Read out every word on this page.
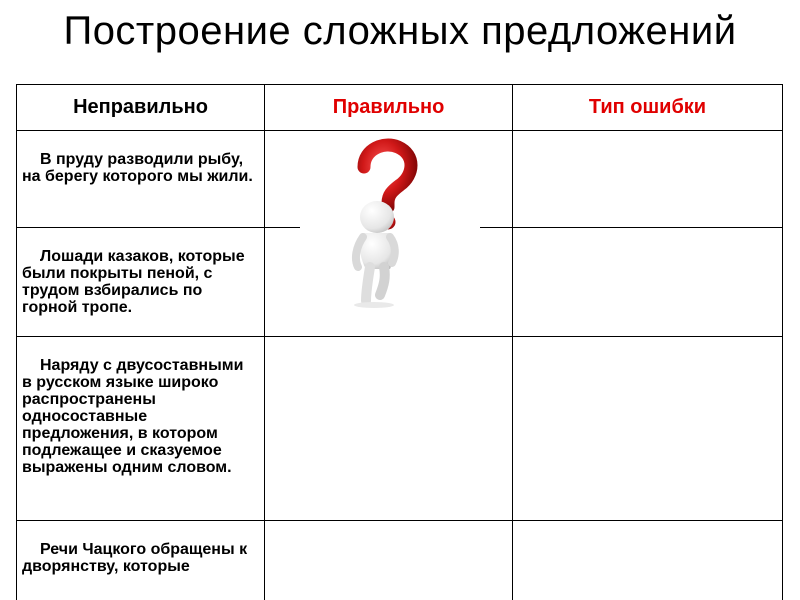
Построение сложных предложений
Неправильно	Правильно	Тип ошибки

В пруду разводили рыбу, на берегу которого мы жили.		

Лошади казаков, которые были покрыты пеной, с трудом взбирались по горной тропе.		

Наряду с двусоставными в русском языке широко распространены односоставные предложения, в котором подлежащее и сказуемое выражены одним словом.		

Речи Чацкого обращены к дворянству, которые		
